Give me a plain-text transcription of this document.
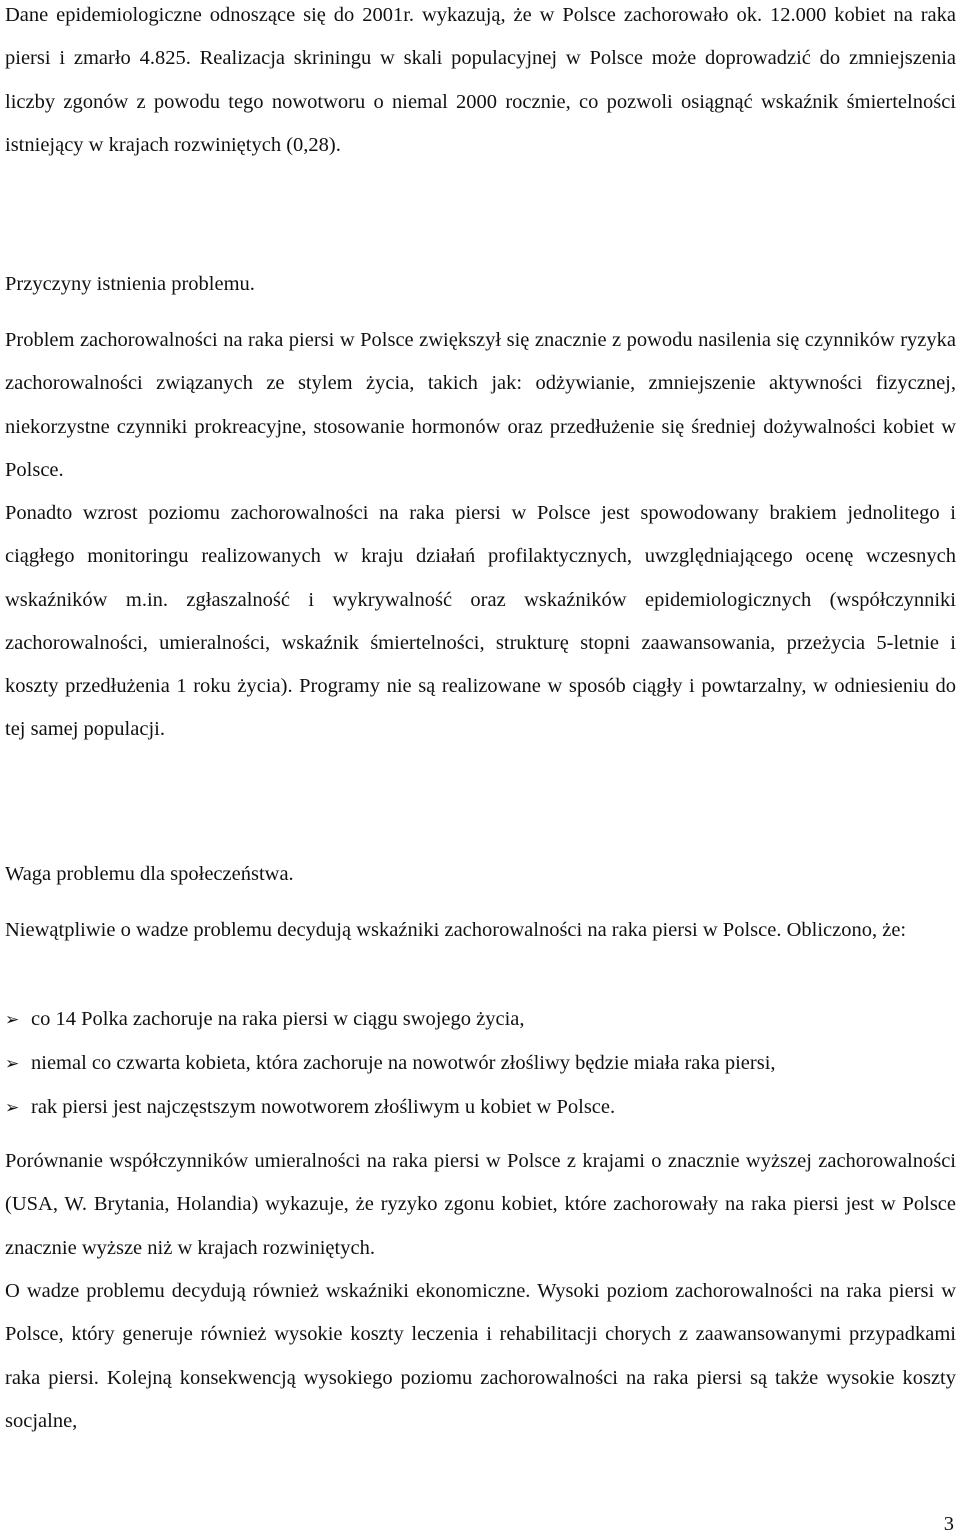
Dane epidemiologiczne odnoszące się do 2001r. wykazują, że w Polsce zachorowało ok. 12.000 kobiet na raka piersi i zmarło 4.825. Realizacja skriningu w skali populacyjnej w Polsce może doprowadzić do zmniejszenia liczby zgonów z powodu tego nowotworu o niemal 2000 rocznie, co pozwoli osiągnąć wskaźnik śmiertelności istniejący w krajach rozwiniętych (0,28).

Przyczyny istnienia problemu.

Problem zachorowalności na raka piersi w Polsce zwiększył się znacznie z powodu nasilenia się czynników ryzyka zachorowalności związanych ze stylem życia, takich jak: odżywianie, zmniejszenie aktywności fizycznej, niekorzystne czynniki prokreacyjne, stosowanie hormonów oraz przedłużenie się średniej dożywalności kobiet w Polsce.

Ponadto wzrost poziomu zachorowalności na raka piersi w Polsce jest spowodowany brakiem jednolitego i ciągłego monitoringu realizowanych w kraju działań profilaktycznych, uwzględniającego ocenę wczesnych wskaźników m.in. zgłaszalność i wykrywalność oraz wskaźników epidemiologicznych (współczynniki zachorowalności, umieralności, wskaźnik śmiertelności, strukturę stopni zaawansowania, przeżycia 5-letnie i koszty przedłużenia 1 roku życia). Programy nie są realizowane w sposób ciągły i powtarzalny, w odniesieniu do tej samej populacji.

Waga problemu dla społeczeństwa.

Niewątpliwie o wadze problemu decydują wskaźniki zachorowalności na raka piersi w Polsce. Obliczono, że:

➢ co 14 Polka zachoruje na raka piersi w ciągu swojego życia,
➢ niemal co czwarta kobieta, która zachoruje na nowotwór złośliwy będzie miała raka piersi,
➢ rak piersi jest najczęstszym nowotworem złośliwym u kobiet w Polsce.

Porównanie współczynników umieralności na raka piersi w Polsce z krajami o znacznie wyższej zachorowalności (USA, W. Brytania, Holandia) wykazuje, że ryzyko zgonu kobiet, które zachorowały na raka piersi jest w Polsce znacznie wyższe niż w krajach rozwiniętych.

O wadze problemu decydują również wskaźniki ekonomiczne. Wysoki poziom zachorowalności na raka piersi w Polsce, który generuje również wysokie koszty leczenia i rehabilitacji chorych z zaawansowanymi przypadkami raka piersi. Kolejną konsekwencją wysokiego poziomu zachorowalności na raka piersi są także wysokie koszty socjalne,

3
